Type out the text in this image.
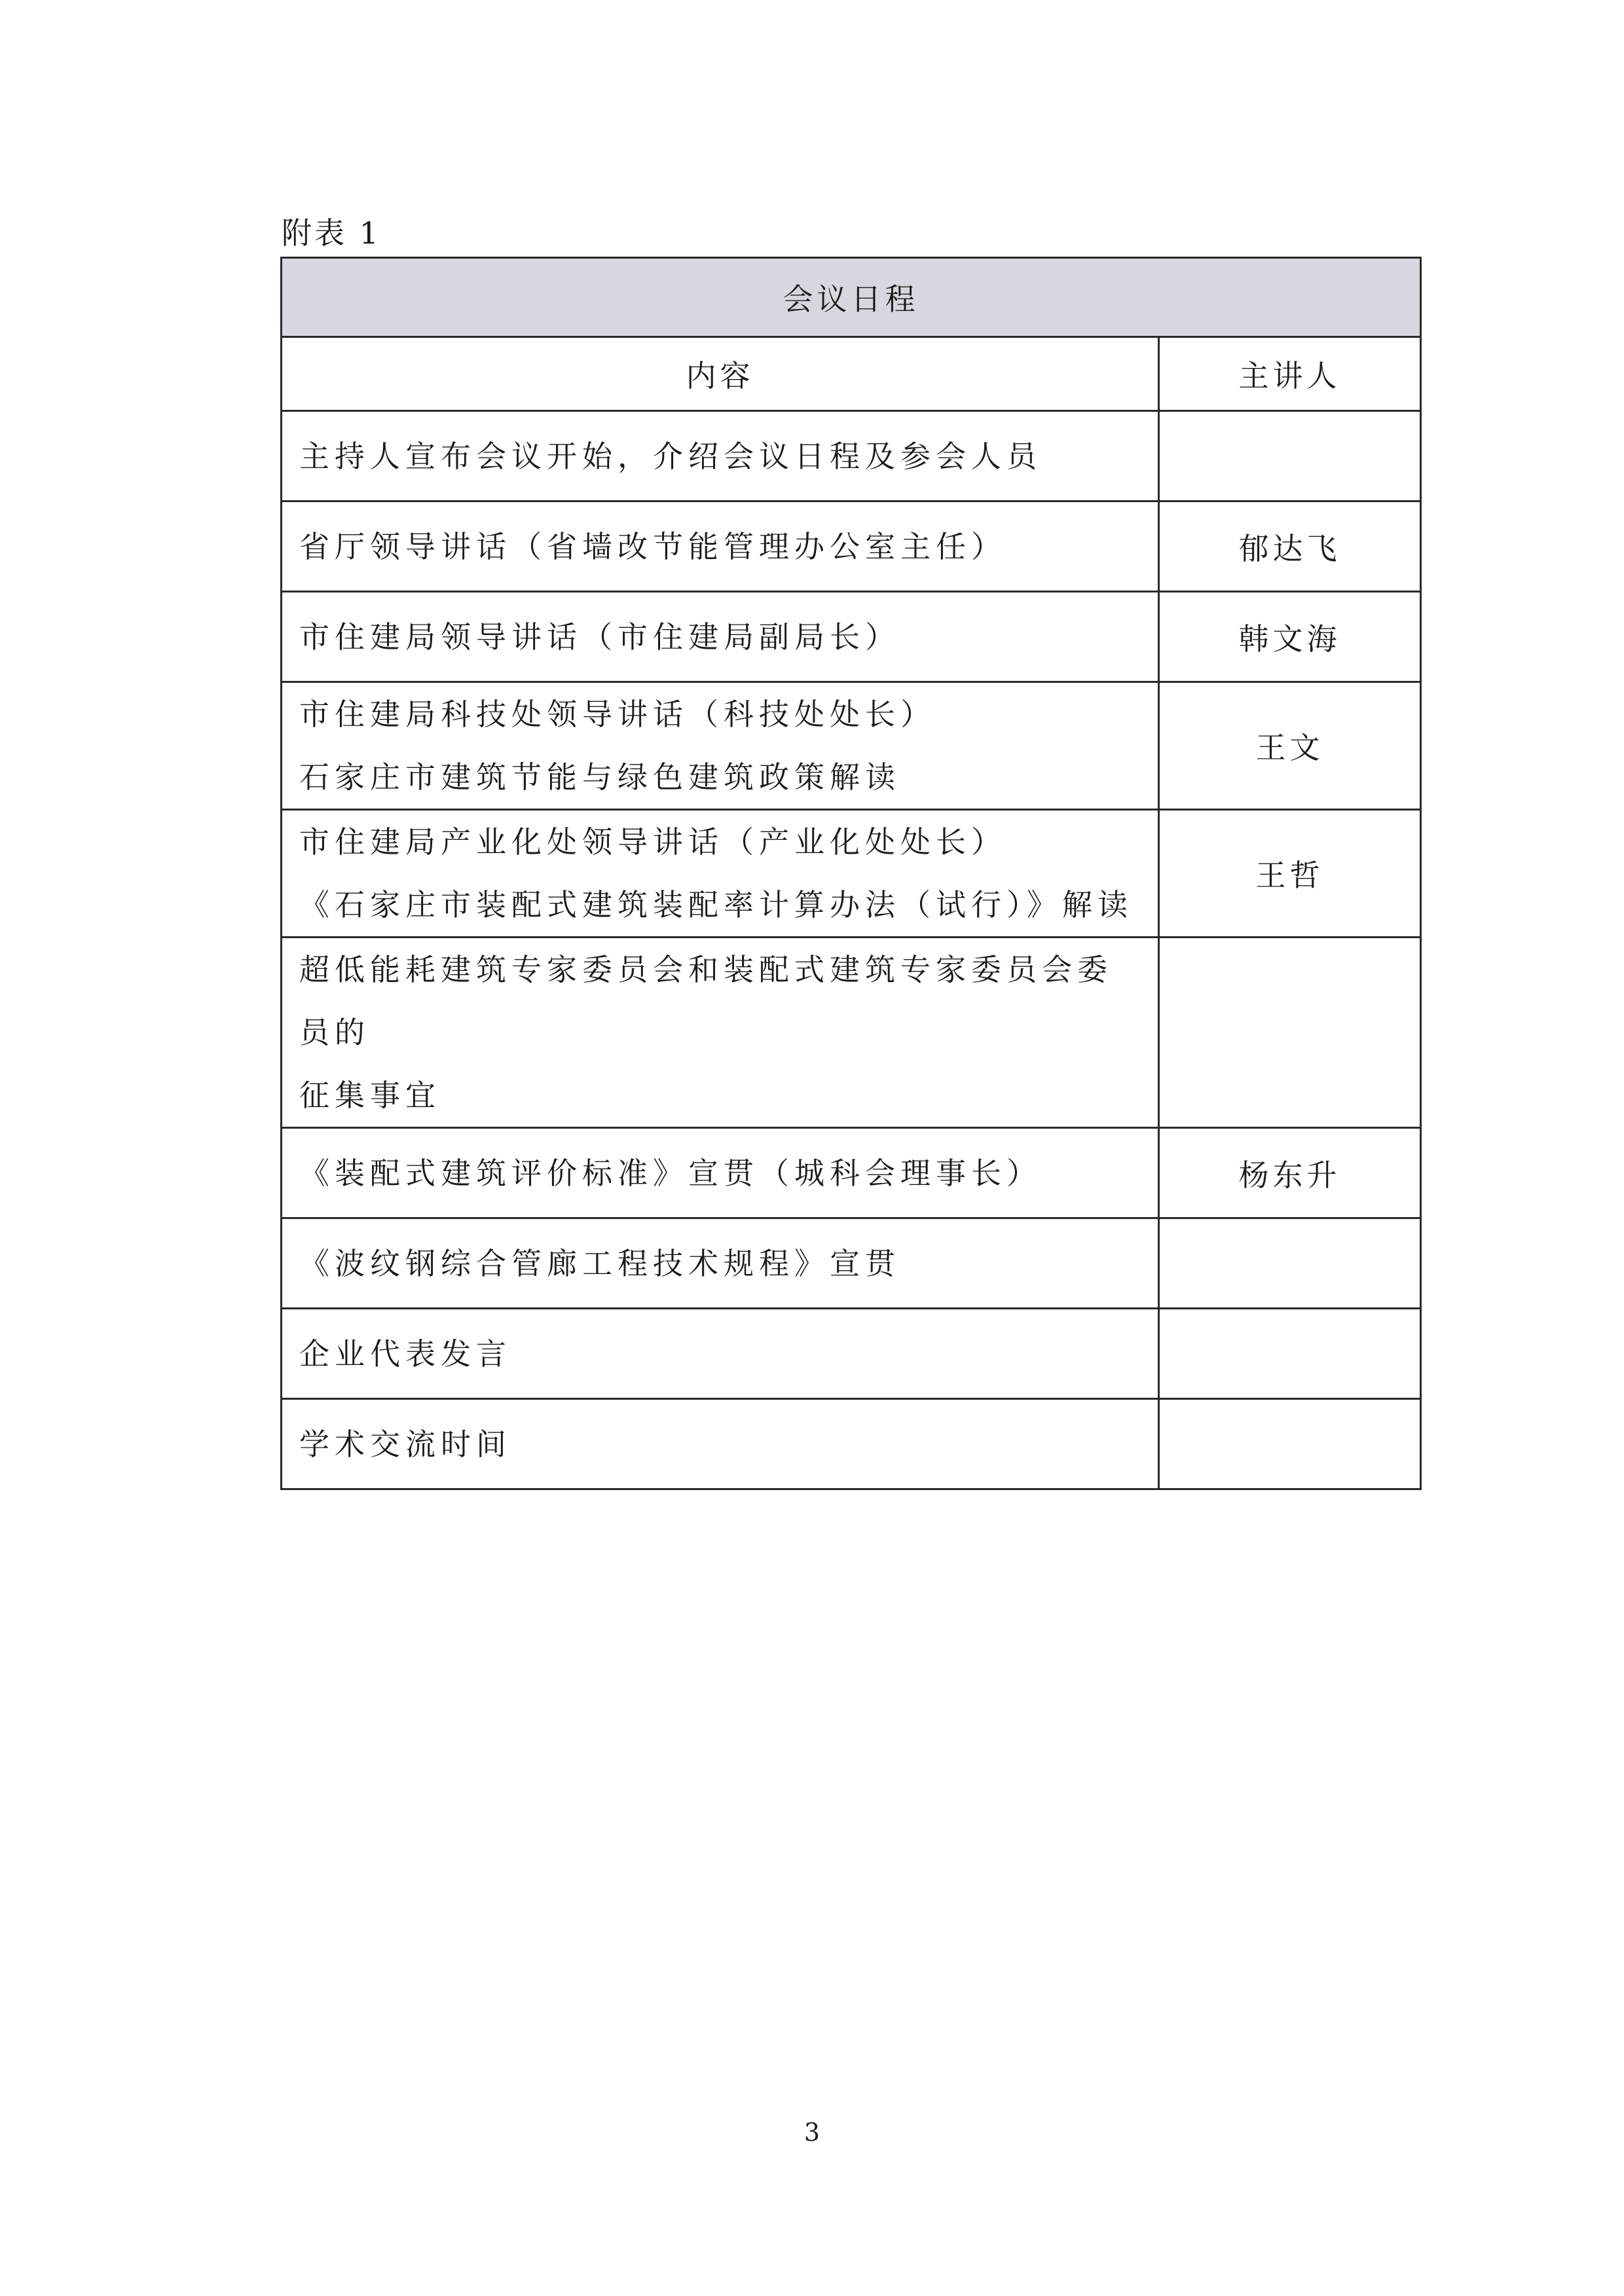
附表 1
会议日程	
内容	主讲人

主持人宣布会议开始，介绍会议日程及参会人员	

省厅领导讲话（省墙改节能管理办公室主任）	郁达飞

市住建局领导讲话（市住建局副局长）	韩文海

市住建局科技处领导讲话（科技处处长）
石家庄市建筑节能与绿色建筑政策解读	王文

市住建局产业化处领导讲话（产业化处处长）
《石家庄市装配式建筑装配率计算办法（试行）》解读	王哲

超低能耗建筑专家委员会和装配式建筑专家委员会委员的
征集事宜	

《装配式建筑评价标准》宣贯（城科会理事长）	杨东升

《波纹钢综合管廊工程技术规程》宣贯	

企业代表发言	

学术交流时间	

3
